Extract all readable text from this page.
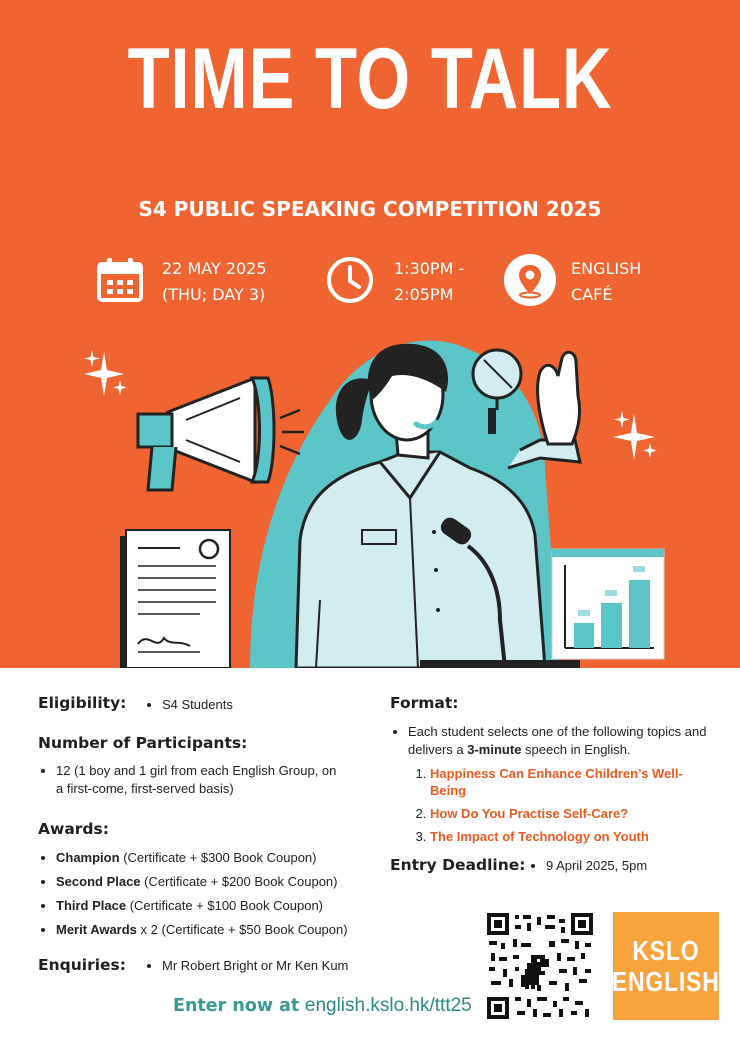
TIME TO TALK
S4 PUBLIC SPEAKING COMPETITION 2025
22 MAY 2025
(THU; DAY 3)
1:30PM -
2:05PM
ENGLISH
CAFÉ
Eligibility:	• S4 Students
Number of Participants:
• 12 (1 boy and 1 girl from each English Group, on a first-come, first-served basis)
Awards:
• Champion (Certificate + $300 Book Coupon)
• Second Place (Certificate + $200 Book Coupon)
• Third Place (Certificate + $100 Book Coupon)
• Merit Awards x 2 (Certificate + $50 Book Coupon)
Enquiries:	• Mr Robert Bright or Mr Ken Kum
Format:
• Each student selects one of the following topics and delivers a 3-minute speech in English.
1. Happiness Can Enhance Children’s Well-Being
2. How Do You Practise Self-Care?
3. The Impact of Technology on Youth
Entry Deadline: • 9 April 2025, 5pm
KSLO
ENGLISH
Enter now at english.kslo.hk/ttt25
